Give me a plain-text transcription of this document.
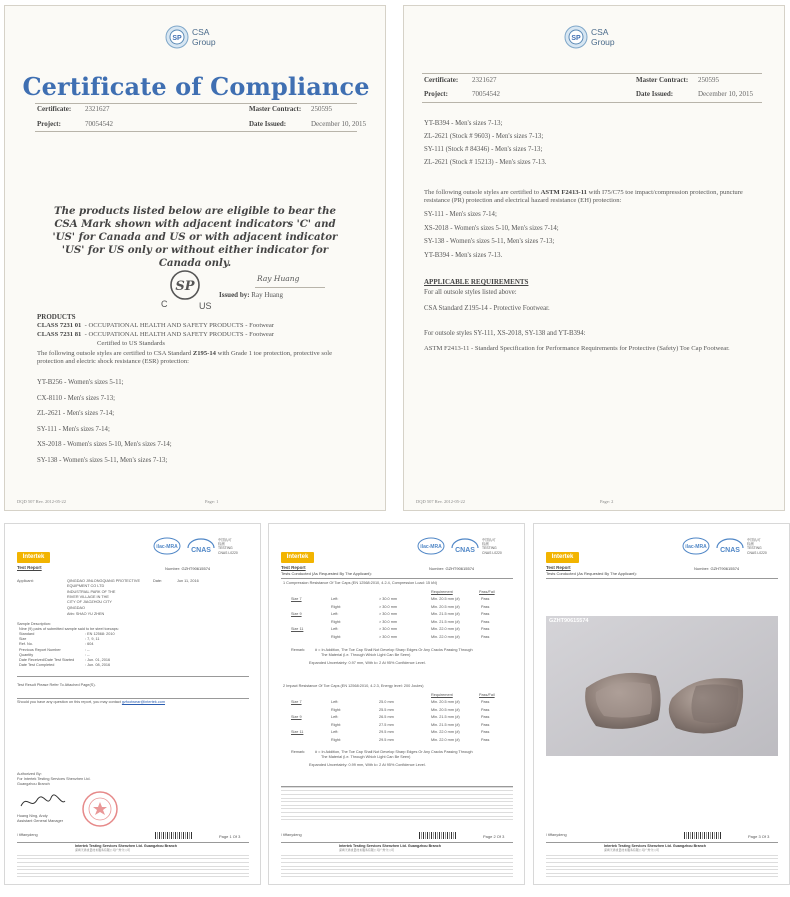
SP
CSA
Group
Certificate of Compliance
Certificate: 2321627	Master Contract: 250595
Project:	70054542	Date Issued:	December 10, 2015
The products listed below are eligible to bear the CSA Mark shown with adjacent indicators 'C' and 'US' for Canada and US or with adjacent indicator 'US' for US only or without either indicator for Canada only.
SP
C	US
Ray Huang
Issued by: Ray Huang
PRODUCTS
CLASS 7231 01 - OCCUPATIONAL HEALTH AND SAFETY PRODUCTS - Footwear
CLASS 7231 81 - OCCUPATIONAL HEALTH AND SAFETY PRODUCTS - Footwear
Certified to US Standards
The following outsole styles are certified to CSA Standard Z195-14 with Grade 1 toe protection, protective sole protection and electric shock resistance (ESR) protection:
YT-B256 - Women's sizes 5-11;
CX-8110 - Men's sizes 7-13;
ZL-2621 - Men's sizes 7-14;
SY-111 - Men's sizes 7-14;
XS-2018 - Women's sizes 5-10, Men's sizes 7-14;
SY-138 - Women's sizes 5-11, Men's sizes 7-13;
DQD 507 Rev. 2012-05-22	Page: 1
SP
CSA
Group
Certificate: 2321627	Master Contract: 250595
Project:	70054542	Date Issued:	December 10, 2015
YT-B394 - Men's sizes 7-13;
ZL-2621 (Stock # 9603) - Men's sizes 7-13;
SY-111 (Stock # 84346) - Men's sizes 7-13;
ZL-2621 (Stock # 15213) - Men's sizes 7-13.
The following outsole styles are certified to ASTM F2413-11 with I75/C75 toe impact/compression protection, puncture resistance (PR) protection and electrical hazard resistance (EH) protection:
SY-111 - Men's sizes 7-14;
XS-2018 - Women's sizes 5-10, Men's sizes 7-14;
SY-138 - Women's sizes 5-11, Men's sizes 7-13;
YT-B394 - Men's sizes 7-13.
APPLICABLE REQUIREMENTS
For all outsole styles listed above:
CSA Standard Z195-14 - Protective Footwear.
For outsole styles SY-111, XS-2018, SY-138 and YT-B394:
ASTM F2413-11 - Standard Specification for Performance Requirements for Protective (Safety) Toe Cap Footwear.
DQD 507 Rev. 2012-05-22	Page: 2
Intertek
ilac-MRA CNAS
中国认可
检测
TESTING
CNAS L0220
Test Report	Number: GZHT90615574
Applicant:	QINGDAO JINLONGQIANG PROTECTIVE
EQUIPMENT CO LTD
INDUSTRIAL PARK OF THE
RIVER VILLAGE IN THE
CITY OF JIAOZHOU CITY
QINGDAO
Date:	Jun 11, 2016
Attn: SHAO YU ZHEN
Sample Description:
Nine (9) pairs of submitted sample said to be steel toecaps:
Standard	: EN 12568: 2010
Size	: 7, 9, 11
Ref. No.	: 604
Previous Report Number	: --
Quantity	: --
Date Received/Date Test Started	: Jun. 01, 2016
Date Test Completed	: Jun. 08, 2016
Test Result Please Refer To Attached Page(S).
Should you have any question on this report, you may contact gzfootwear@intertek.com
Authorized By:
For Intertek Testing Services Shenzhen Ltd.
Guangzhou Branch
Huang Ning, Andy
Assistant General Manager
/ tiffanydeng	Page 1 Of 3
Intertek Testing Services Shenzhen Ltd. Guangzhou Branch
深圳天祥质量技术服务有限公司广州分公司
Intertek
ilac-MRA CNAS
中国认可
检测
TESTING
CNAS L0220
Test Report
Tests Conducted (As Requested By The Applicant):
Number: GZHT90615574
1 Compression Resistance Of Toe Caps (EN 12568:2010, 4.2.4, Compression Load: 15 kN)
Requirement	Pass/Fail
Size 7	Left:	> 30.0 mm	Min. 20.5 mm (#)	Pass
Right:	> 30.0 mm	Min. 20.5 mm (#)	Pass
Size 9	Left:	> 30.0 mm	Min. 21.5 mm (#)	Pass
Right:	> 30.0 mm	Min. 21.5 mm (#)	Pass
Size 11	Left:	> 30.0 mm	Min. 22.0 mm (#)	Pass
Right:	> 30.0 mm	Min. 22.0 mm (#)	Pass
Remark:	# = In Addition, The Toe Cap Shall Not Develop Sharp Edges Or Any Cracks Passing Through
The Material (i.e. Through Which Light Can Be Seen)
Expanded Uncertainty: 0.97 mm, With k= 2 At 95% Confidence Level.
2 Impact Resistance Of Toe Caps (EN 12568:2010, 4.2.3, Energy level: 200 Joules)
Requirement	Pass/Fail
Size 7	Left:	25.0 mm	Min. 20.5 mm (#)	Pass
Right:	25.5 mm	Min. 20.5 mm (#)	Pass
Size 9	Left:	26.5 mm	Min. 21.5 mm (#)	Pass
Right:	27.5 mm	Min. 21.5 mm (#)	Pass
Size 11	Left:	29.5 mm	Min. 22.0 mm (#)	Pass
Right:	29.5 mm	Min. 22.0 mm (#)	Pass
Remark:	# = In Addition, The Toe Cap Shall Not Develop Sharp Edges Or Any Cracks Passing Through
The Material (i.e. Through Which Light Can Be Seen)
Expanded Uncertainty: 0.99 mm, With k= 2 At 95% Confidence Level.
/ tiffanydeng	Page 2 Of 3
Intertek Testing Services Shenzhen Ltd. Guangzhou Branch
深圳天祥质量技术服务有限公司广州分公司
Intertek
ilac-MRA CNAS
中国认可
检测
TESTING
CNAS L0220
Test Report
Tests Conducted (As Requested By The Applicant):
Number: GZHT90615574
GZHT90615574
/ tiffanydeng	Page 3 Of 3
Intertek Testing Services Shenzhen Ltd. Guangzhou Branch
深圳天祥质量技术服务有限公司广州分公司
